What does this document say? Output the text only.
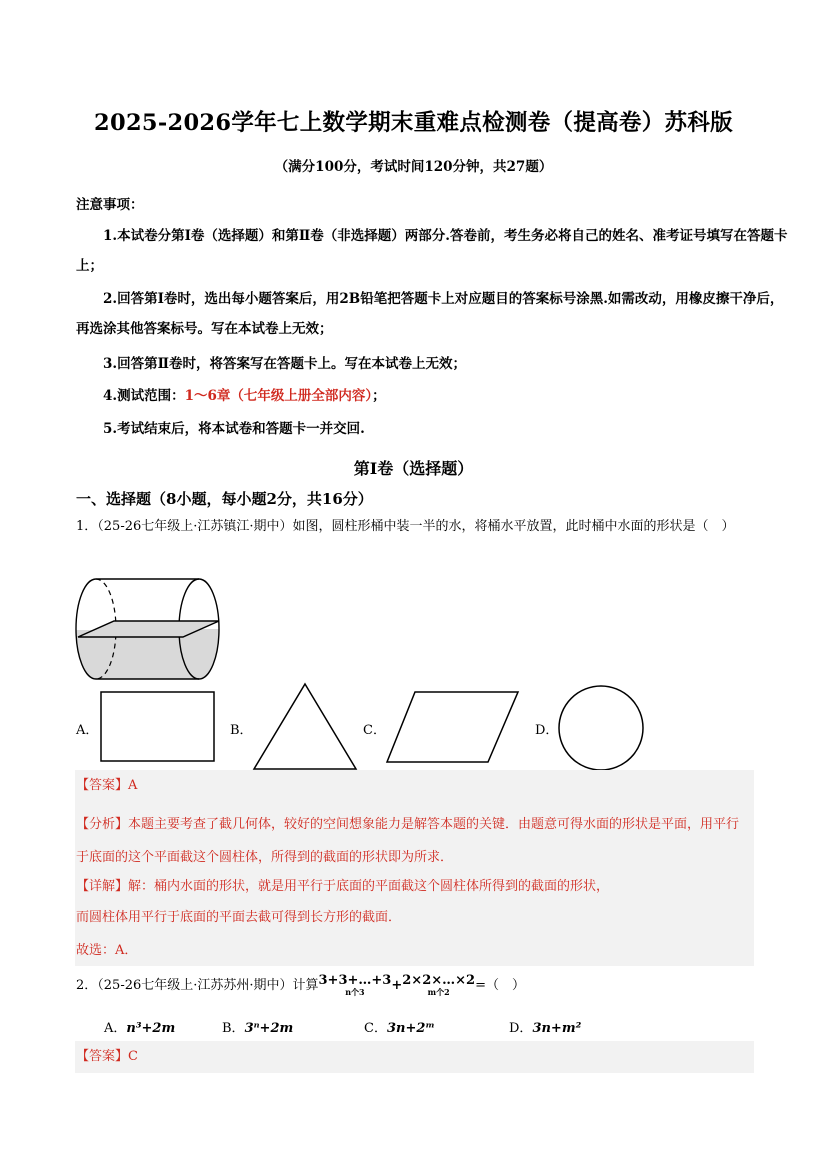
2025-2026学年七上数学期末重难点检测卷（提高卷）苏科版
（满分100分，考试时间120分钟，共27题）
注意事项：
1.本试卷分第Ⅰ卷（选择题）和第Ⅱ卷（非选择题）两部分.答卷前，考生务必将自己的姓名、准考证号填写在答题卡上；
2.回答第Ⅰ卷时，选出每小题答案后，用2B铅笔把答题卡上对应题目的答案标号涂黑.如需改动，用橡皮擦干净后，再选涂其他答案标号。写在本试卷上无效；
3.回答第Ⅱ卷时，将答案写在答题卡上。写在本试卷上无效；
4.测试范围：1～6章（七年级上册全部内容）；
5.考试结束后，将本试卷和答题卡一并交回.
第Ⅰ卷（选择题）
一、选择题（8小题，每小题2分，共16分）
1．（25-26七年级上·江苏镇江·期中）如图，圆柱形桶中装一半的水，将桶水平放置，此时桶中水面的形状是（　）
A．	B．	C．	D．
【答案】A
【分析】本题主要考查了截几何体，较好的空间想象能力是解答本题的关键．由题意可得水面的形状是平面，用平行于底面的这个平面截这个圆柱体，所得到的截面的形状即为所求．
【详解】解：桶内水面的形状，就是用平行于底面的平面截这个圆柱体所得到的截面的形状，
而圆柱体用平行于底面的平面去截可得到长方形的截面．
故选：A．
2．（25-26七年级上·江苏苏州·期中）计算 3+3+…+3
n个3	+ 2×2×…×2
m个2	=（　）
A．n³+2m	B．3ⁿ+2m	C．3n+2ᵐ	D．3n+m²
【答案】C
